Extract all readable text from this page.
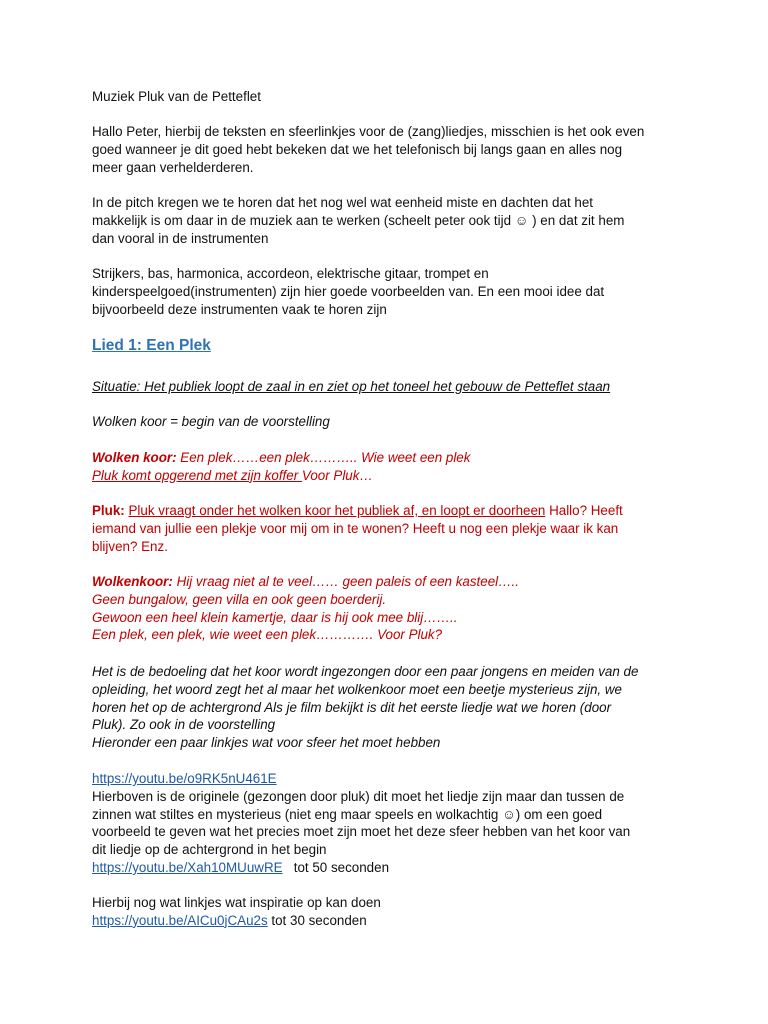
Muziek Pluk van de Petteflet

Hallo Peter, hierbij de teksten en sfeerlinkjes voor de (zang)liedjes, misschien is het ook even
goed wanneer je dit goed hebt bekeken dat we het telefonisch bij langs gaan en alles nog
meer gaan verhelderderen.

In de pitch kregen we te horen dat het nog wel wat eenheid miste en dachten dat het
makkelijk is om daar in de muziek aan te werken (scheelt peter ook tijd ☺ ) en dat zit hem
dan vooral in de instrumenten

Strijkers, bas, harmonica, accordeon, elektrische gitaar, trompet en
kinderspeelgoed(instrumenten) zijn hier goede voorbeelden van. En een mooi idee dat
bijvoorbeeld deze instrumenten vaak te horen zijn

Lied 1: Een Plek

Situatie: Het publiek loopt de zaal in en ziet op het toneel het gebouw de Petteflet staan

Wolken koor = begin van de voorstelling

Wolken koor: Een plek……een plek……….. Wie weet een plek
Pluk komt opgerend met zijn koffer Voor Pluk…

Pluk: Pluk vraagt onder het wolken koor het publiek af, en loopt er doorheen Hallo? Heeft
iemand van jullie een plekje voor mij om in te wonen? Heeft u nog een plekje waar ik kan
blijven? Enz.

Wolkenkoor: Hij vraag niet al te veel…… geen paleis of een kasteel…..
Geen bungalow, geen villa en ook geen boerderij.
Gewoon een heel klein kamertje, daar is hij ook mee blij……..
Een plek, een plek, wie weet een plek…………. Voor Pluk?

Het is de bedoeling dat het koor wordt ingezongen door een paar jongens en meiden van de
opleiding, het woord zegt het al maar het wolkenkoor moet een beetje mysterieus zijn, we
horen het op de achtergrond Als je film bekijkt is dit het eerste liedje wat we horen (door
Pluk). Zo ook in de voorstelling
Hieronder een paar linkjes wat voor sfeer het moet hebben

https://youtu.be/o9RK5nU461E
Hierboven is de originele (gezongen door pluk) dit moet het liedje zijn maar dan tussen de
zinnen wat stiltes en mysterieus (niet eng maar speels en wolkachtig ☺) om een goed
voorbeeld te geven wat het precies moet zijn moet het deze sfeer hebben van het koor van
dit liedje op de achtergrond in het begin
https://youtu.be/Xah10MUuwRE   tot 50 seconden

Hierbij nog wat linkjes wat inspiratie op kan doen
https://youtu.be/AICu0jCAu2s tot 30 seconden
